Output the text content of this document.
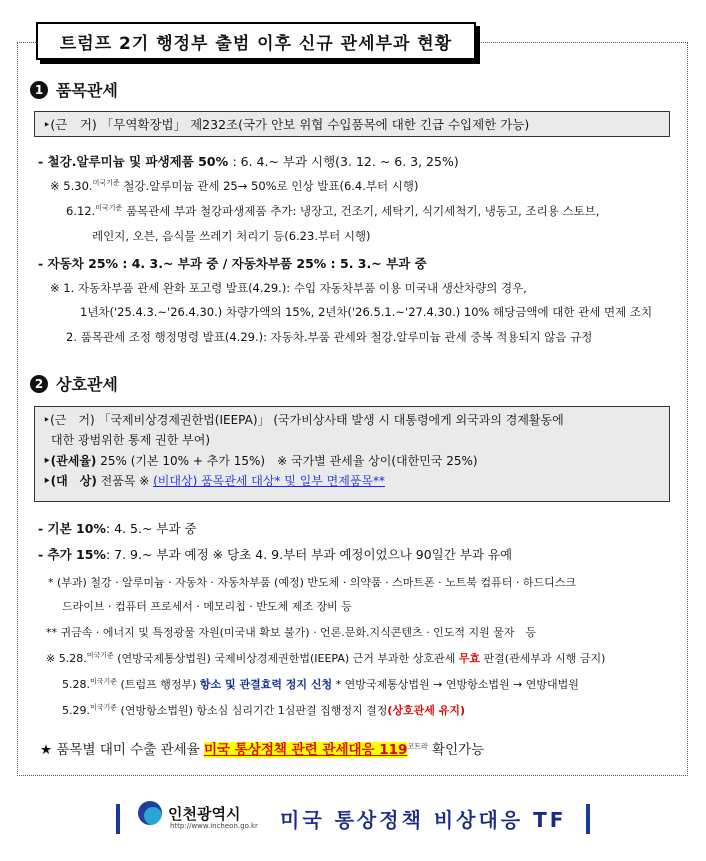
트럼프 2기 행정부 출범 이후 신규 관세부과 현황
1 품목관세
‣(근　거) 「무역확장법」 제232조(국가 안보 위협 수입품목에 대한 긴급 수입제한 가능)
- 철강.알루미늄 및 파생제품 50% : 6. 4.~ 부과 시행(3. 12. ~ 6. 3, 25%)
※ 5.30.$^{미국기준}$ 철강.알루미늄 관세 25→ 50%로 인상 발표(6.4.부터 시행)
6.12.$^{미국기준}$ 품목관세 부과 철강파생제품 추가: 냉장고, 건조기, 세탁기, 식기세척기, 냉동고, 조리용 스토브,
레인지, 오븐, 음식물 쓰레기 처리기 등(6.23.부터 시행)
- 자동차 25% : 4. 3.~ 부과 중 / 자동차부품 25% : 5. 3.~ 부과 중
※ 1. 자동차부품 관세 완화 포고령 발표(4.29.): 수입 자동차부품 이용 미국내 생산차량의 경우,
1년차('25.4.3.~'26.4.30.) 차량가액의 15%, 2년차('26.5.1.~'27.4.30.) 10% 해당금액에 대한 관세 면제 조치
2. 품목관세 조정 행정명령 발표(4.29.): 자동차.부품 관세와 철강.알루미늄 관세 중복 적용되지 않음 규정
2 상호관세
‣(근　거) 「국제비상경제권한법(IEEPA)」 (국가비상사태 발생 시 대통령에게 외국과의 경제활동에
대한 광범위한 통제 권한 부여)
‣(관세율) 25% (기본 10% + 추가 15%)　※ 국가별 관세율 상이(대한민국 25%)
‣(대　상) 전품목 ※ (비대상) 품목관세 대상* 및 일부 면제품목**
- 기본 10%: 4. 5.~ 부과 중
- 추가 15%: 7. 9.~ 부과 예정 ※ 당초 4. 9.부터 부과 예정이었으나 90일간 부과 유예
* (부과) 철강 · 알루미늄 · 자동차 · 자동차부품 (예정) 반도체 · 의약품 · 스마트폰 · 노트북 컴퓨터 · 하드디스크
드라이브 · 컴퓨터 프로세서 · 메모리칩 · 반도체 제조 장비 등
** 귀금속 · 에너지 및 특정광물 자원(미국내 확보 불가) · 언론.문화.지식콘텐츠 · 인도적 지원 물자　등
※ 5.28.$^{미국기준}$ (연방국제통상법원) 국제비상경제권한법(IEEPA) 근거 부과한 상호관세 무효 판결(관세부과 시행 금지)
5.28.$^{미국기준}$ (트럼프 행정부) 항소 및 관결효력 정지 신청 * 연방국제통상법원 → 연방항소법원 → 연방대법원
5.29.$^{미국기준}$ (연방항소법원) 항소심 심리기간 1심판결 집행정지 결정(상호관세 유지)
★ 품목별 대미 수출 관세율 미국 통상정책 관련 관세대응 $119^{코트라}$ 확인가능
인천광역시
http://www.incheon.go.kr 미국 통상정책 비상대응 TF
